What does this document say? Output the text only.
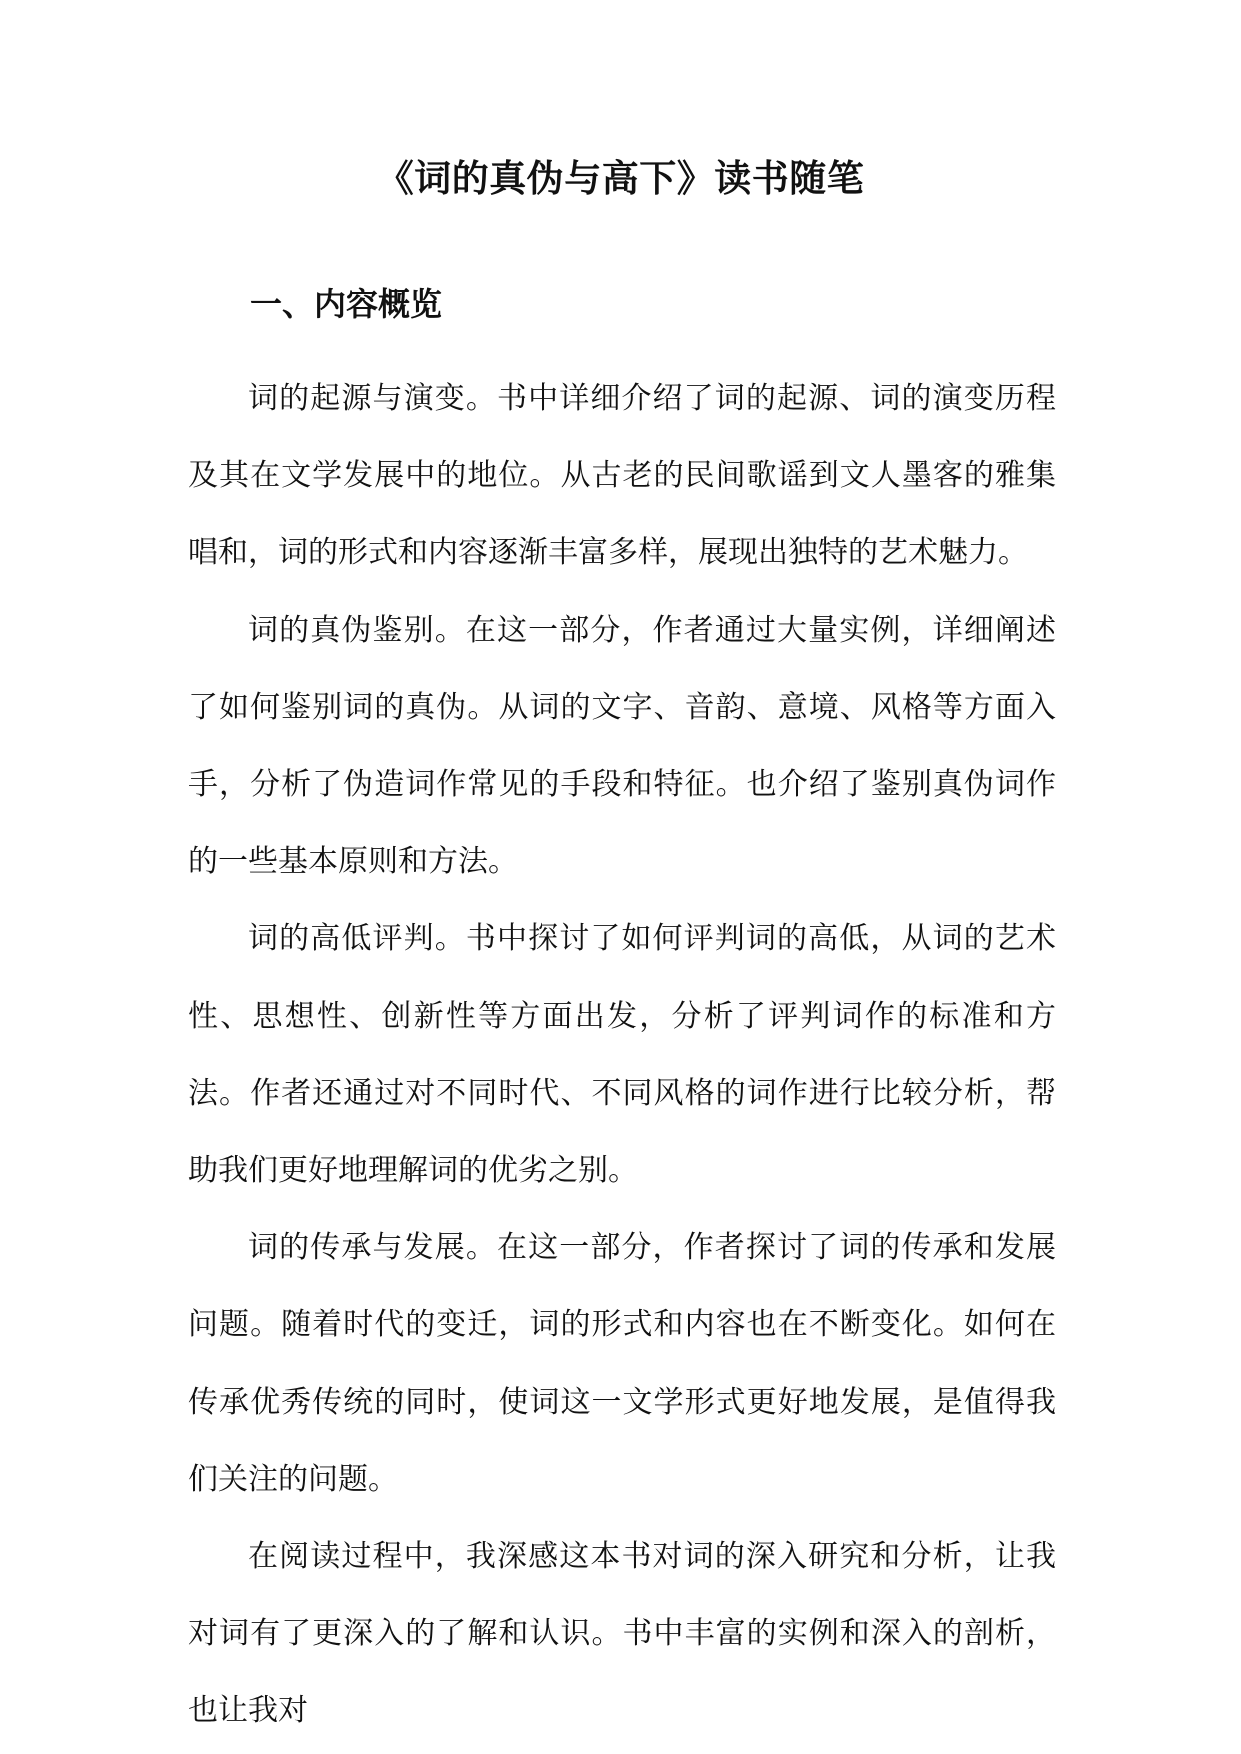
《词的真伪与高下》读书随笔
一、内容概览

词的起源与演变。书中详细介绍了词的起源、词的演变历程及其在文学发展中的地位。从古老的民间歌谣到文人墨客的雅集唱和，词的形式和内容逐渐丰富多样，展现出独特的艺术魅力。

词的真伪鉴别。在这一部分，作者通过大量实例，详细阐述了如何鉴别词的真伪。从词的文字、音韵、意境、风格等方面入手，分析了伪造词作常见的手段和特征。也介绍了鉴别真伪词作的一些基本原则和方法。

词的高低评判。书中探讨了如何评判词的高低，从词的艺术性、思想性、创新性等方面出发，分析了评判词作的标准和方法。作者还通过对不同时代、不同风格的词作进行比较分析，帮助我们更好地理解词的优劣之别。

词的传承与发展。在这一部分，作者探讨了词的传承和发展问题。随着时代的变迁，词的形式和内容也在不断变化。如何在传承优秀传统的同时，使词这一文学形式更好地发展，是值得我们关注的问题。

在阅读过程中，我深感这本书对词的深入研究和分析，让我对词有了更深入的了解和认识。书中丰富的实例和深入的剖析，也让我对
